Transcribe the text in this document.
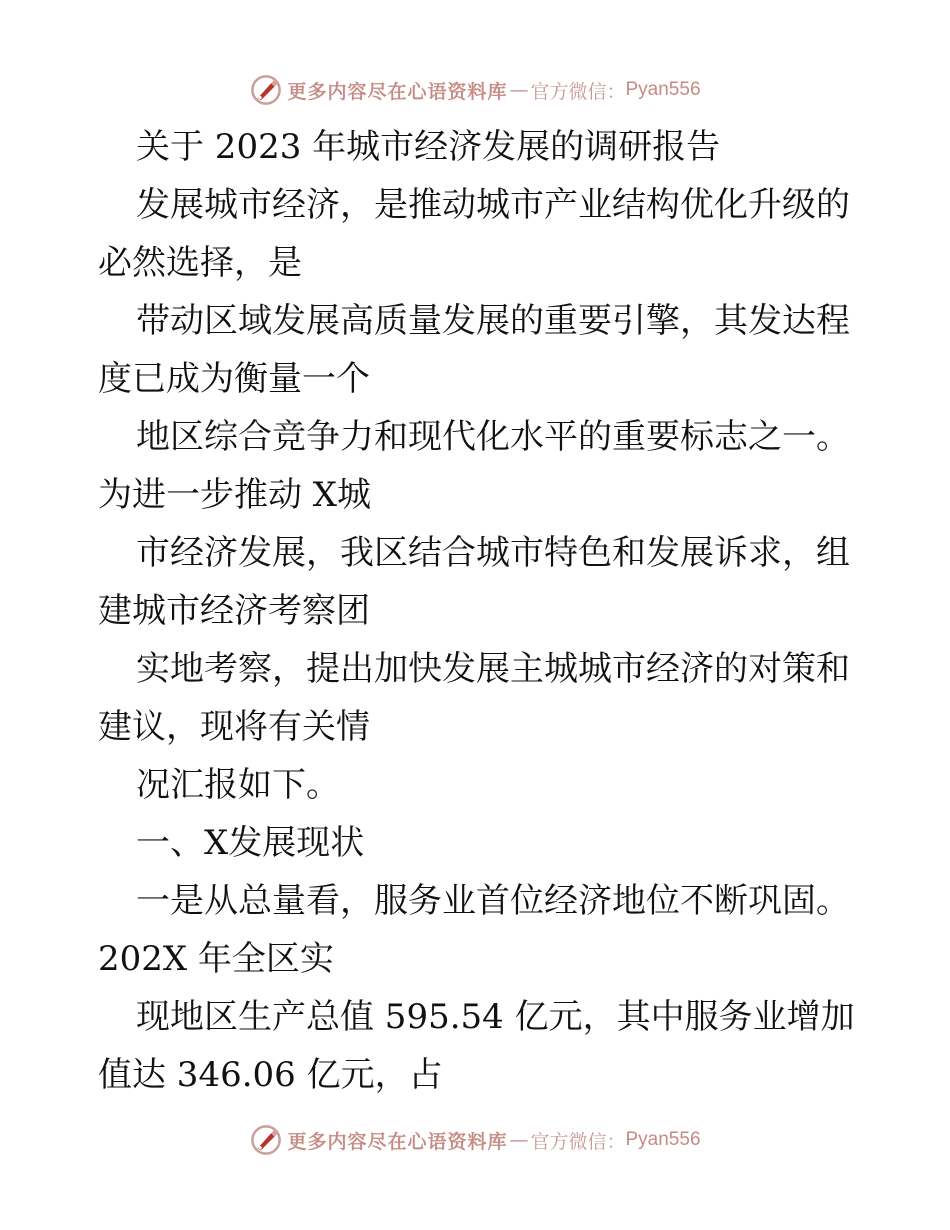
更多内容尽在心语资料库 — 官方微信： Pyan556
关于 2023 年城市经济发展的调研报告
发展城市经济，是推动城市产业结构优化升级的
必然选择，是
带动区域发展高质量发展的重要引擎，其发达程
度已成为衡量一个
地区综合竞争力和现代化水平的重要标志之一。
为进一步推动 X城
市经济发展，我区结合城市特色和发展诉求，组
建城市经济考察团
实地考察，提出加快发展主城城市经济的对策和
建议，现将有关情
况汇报如下。
一、X发展现状
一是从总量看，服务业首位经济地位不断巩固。
202X 年全区实
现地区生产总值 595.54 亿元，其中服务业增加
值达 346.06 亿元，占
更多内容尽在心语资料库 — 官方微信： Pyan556
